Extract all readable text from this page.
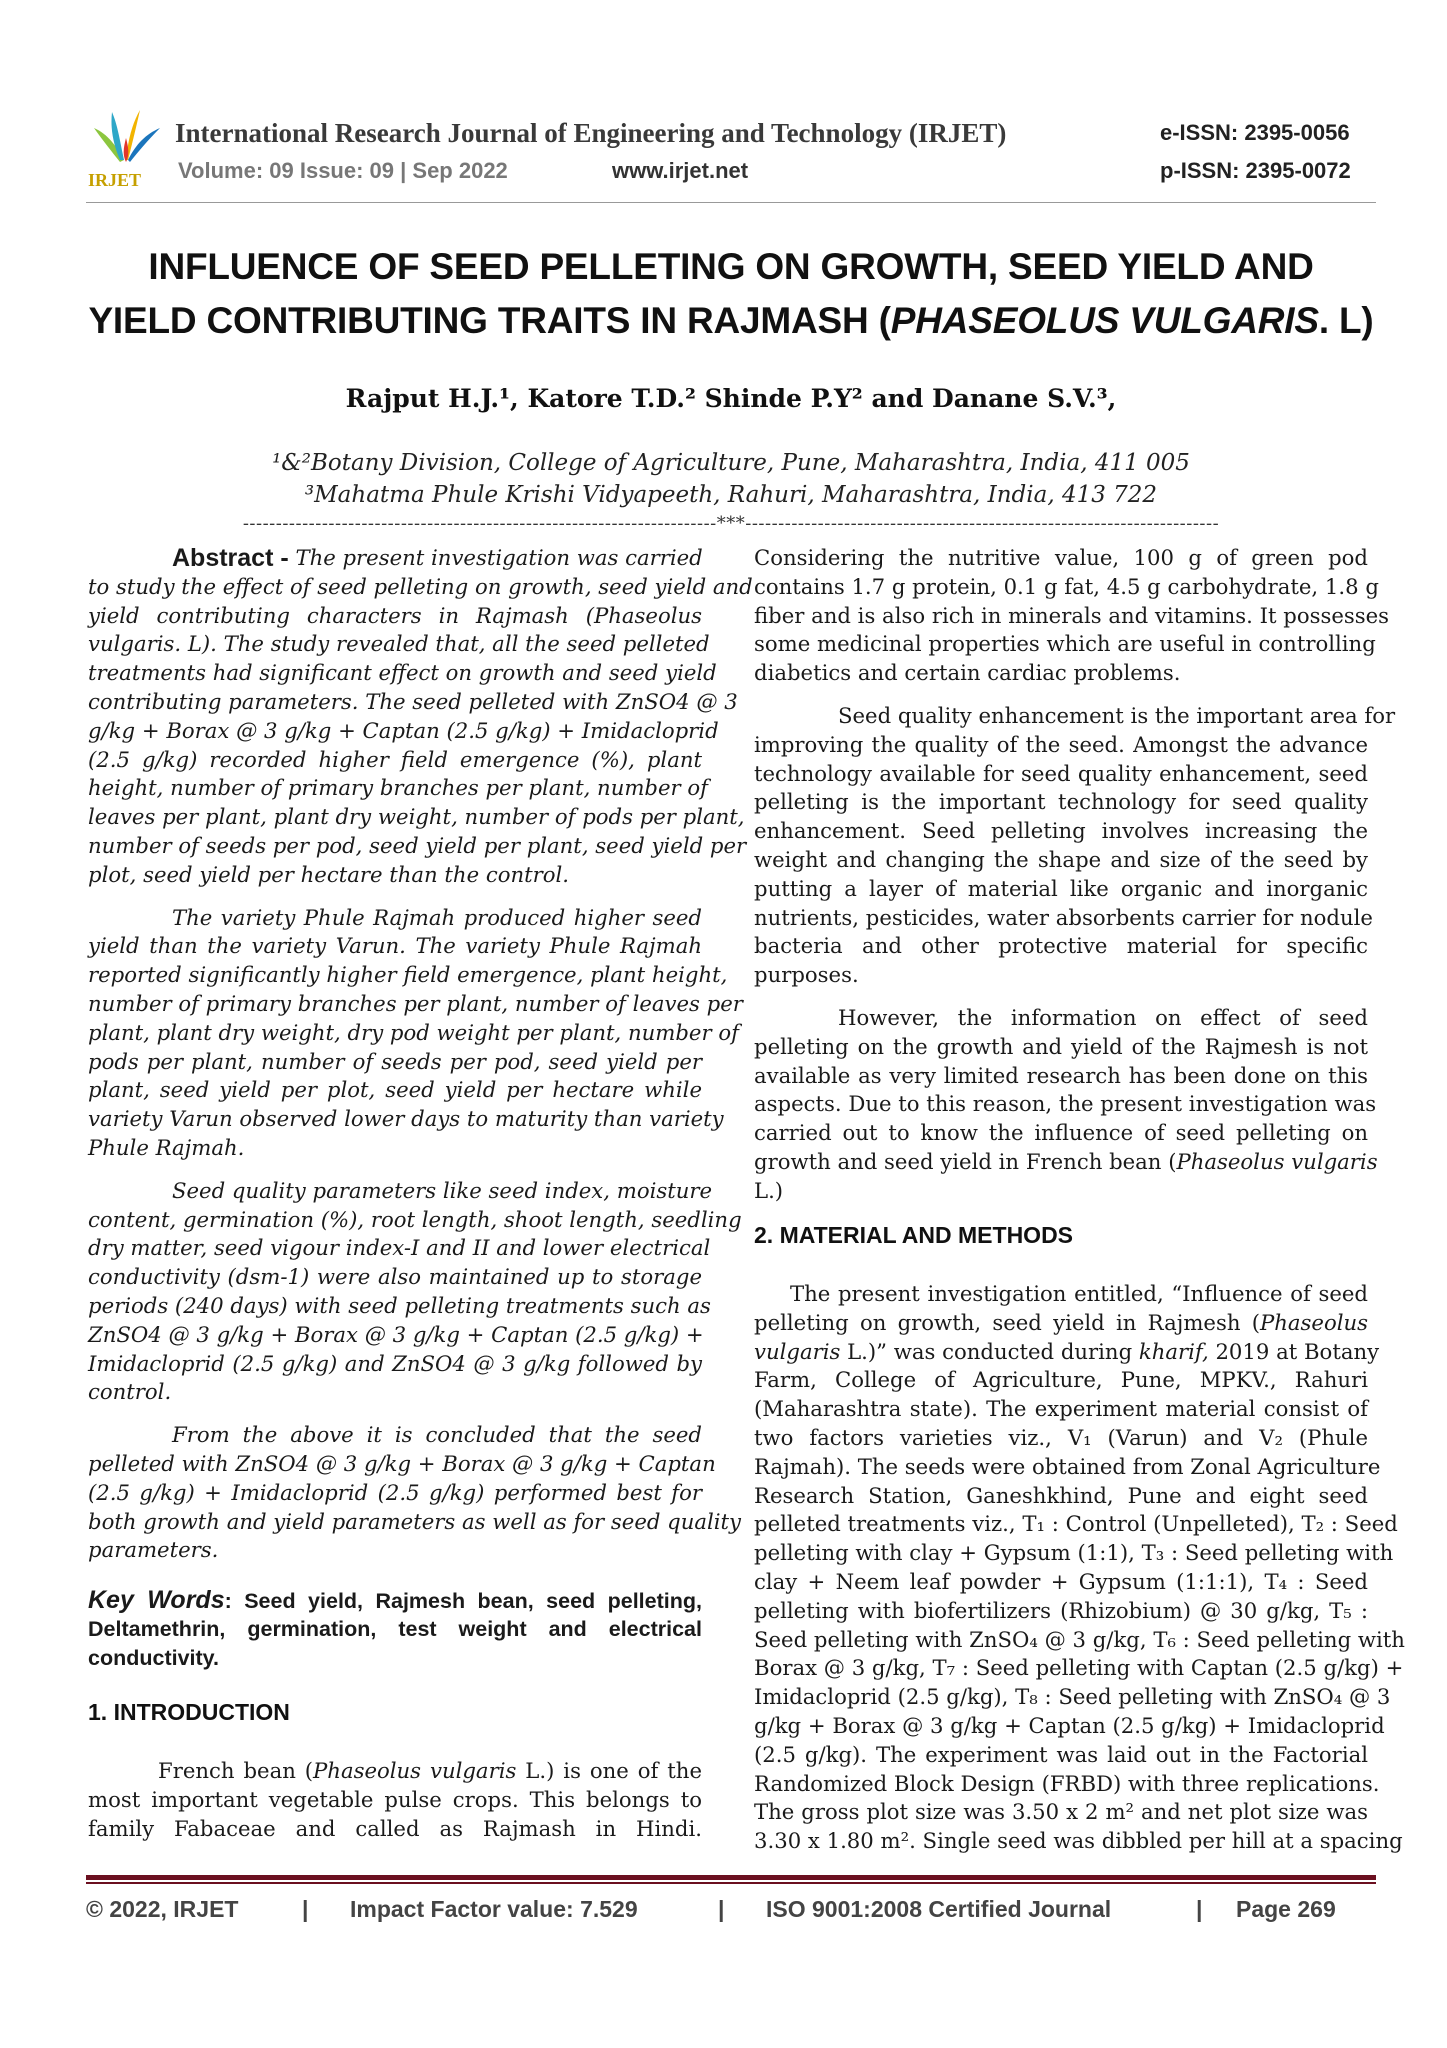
IRJET
International Research Journal of Engineering and Technology (IRJET)	e-ISSN: 2395-0056
Volume: 09 Issue: 09 | Sep 2022	www.irjet.net	p-ISSN: 2395-0072
INFLUENCE OF SEED PELLETING ON GROWTH, SEED YIELD AND
YIELD CONTRIBUTING TRAITS IN RAJMASH (PHASEOLUS VULGARIS. L)
Rajput H.J.¹, Katore T.D.² Shinde P.Y² and Danane S.V.³,
¹&²Botany Division, College of Agriculture, Pune, Maharashtra, India, 411 005
³Mahatma Phule Krishi Vidyapeeth, Rahuri, Maharashtra, India, 413 722
------------------------------------------------------------------------***------------------------------------------------------------------------
Abstract -
The present investigation was carried
to study the effect of seed pelleting on growth, seed yield and
yield contributing characters in Rajmash (Phaseolus
vulgaris. L). The study revealed that, all the seed pelleted
treatments had significant effect on growth and seed yield
contributing parameters. The seed pelleted with ZnSO4 @ 3
g/kg + Borax @ 3 g/kg + Captan (2.5 g/kg) + Imidacloprid
(2.5 g/kg) recorded higher field emergence (%), plant
height, number of primary branches per plant, number of
leaves per plant, plant dry weight, number of pods per plant,
number of seeds per pod, seed yield per plant, seed yield per
plot, seed yield per hectare than the control.
The variety Phule Rajmah produced higher seed
yield than the variety Varun. The variety Phule Rajmah
reported significantly higher field emergence, plant height,
number of primary branches per plant, number of leaves per
plant, plant dry weight, dry pod weight per plant, number of
pods per plant, number of seeds per pod, seed yield per
plant, seed yield per plot, seed yield per hectare while
variety Varun observed lower days to maturity than variety
Phule Rajmah.
Seed quality parameters like seed index, moisture
content, germination (%), root length, shoot length, seedling
dry matter, seed vigour index-I and II and lower electrical
conductivity (dsm-1) were also maintained up to storage
periods (240 days) with seed pelleting treatments such as
ZnSO4 @ 3 g/kg + Borax @ 3 g/kg + Captan (2.5 g/kg) +
Imidacloprid (2.5 g/kg) and ZnSO4 @ 3 g/kg followed by
control.
From the above it is concluded that the seed
pelleted with ZnSO4 @ 3 g/kg + Borax @ 3 g/kg + Captan
(2.5 g/kg) + Imidacloprid (2.5 g/kg) performed best for
both growth and yield parameters as well as for seed quality
parameters.
Key Words: Seed yield, Rajmesh bean, seed pelleting,
Deltamethrin, germination, test weight and electrical
conductivity.
1. INTRODUCTION
French bean (Phaseolus vulgaris L.) is one of the
most important vegetable pulse crops. This belongs to
family Fabaceae and called as Rajmash in Hindi.
Considering the nutritive value, 100 g of green pod
contains 1.7 g protein, 0.1 g fat, 4.5 g carbohydrate, 1.8 g
fiber and is also rich in minerals and vitamins. It possesses
some medicinal properties which are useful in controlling
diabetics and certain cardiac problems.
Seed quality enhancement is the important area for
improving the quality of the seed. Amongst the advance
technology available for seed quality enhancement, seed
pelleting is the important technology for seed quality
enhancement. Seed pelleting involves increasing the
weight and changing the shape and size of the seed by
putting a layer of material like organic and inorganic
nutrients, pesticides, water absorbents carrier for nodule
bacteria and other protective material for specific
purposes.
However, the information on effect of seed
pelleting on the growth and yield of the Rajmesh is not
available as very limited research has been done on this
aspects. Due to this reason, the present investigation was
carried out to know the influence of seed pelleting on
growth and seed yield in French bean (Phaseolus vulgaris
L.)
2. MATERIAL AND METHODS
The present investigation entitled, “Influence of seed
pelleting on growth, seed yield in Rajmesh (Phaseolus
vulgaris L.)” was conducted during kharif, 2019 at Botany
Farm, College of Agriculture, Pune, MPKV., Rahuri
(Maharashtra state). The experiment material consist of
two factors varieties viz., V₁ (Varun) and V₂ (Phule
Rajmah). The seeds were obtained from Zonal Agriculture
Research Station, Ganeshkhind, Pune and eight seed
pelleted treatments viz., T₁ : Control (Unpelleted), T₂ : Seed
pelleting with clay + Gypsum (1:1), T₃ : Seed pelleting with
clay + Neem leaf powder + Gypsum (1:1:1), T₄ : Seed
pelleting with biofertilizers (Rhizobium) @ 30 g/kg, T₅ :
Seed pelleting with ZnSO₄ @ 3 g/kg, T₆ : Seed pelleting with
Borax @ 3 g/kg, T₇ : Seed pelleting with Captan (2.5 g/kg) +
Imidacloprid (2.5 g/kg), T₈ : Seed pelleting with ZnSO₄ @ 3
g/kg + Borax @ 3 g/kg + Captan (2.5 g/kg) + Imidacloprid
(2.5 g/kg). The experiment was laid out in the Factorial
Randomized Block Design (FRBD) with three replications.
The gross plot size was 3.50 x 2 m² and net plot size was
3.30 x 1.80 m². Single seed was dibbled per hill at a spacing
© 2022, IRJET	| Impact Factor value: 7.529	| ISO 9001:2008 Certified Journal	| Page 269
